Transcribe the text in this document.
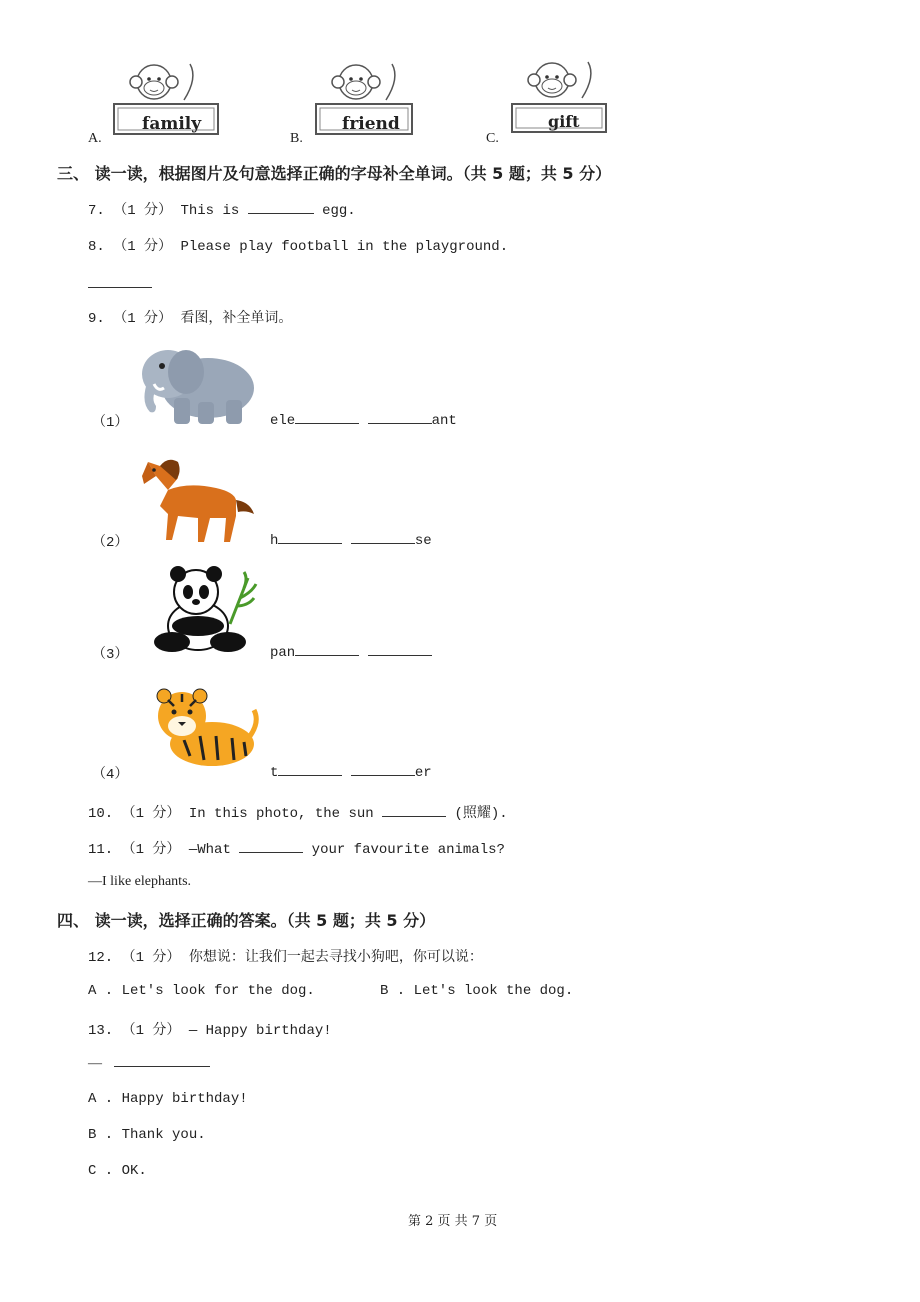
A.
family
B.
friend
C.
gift
三、 读一读，根据图片及句意选择正确的字母补全单词。（共 5 题；共 5 分）
7. （1 分） This is	egg.
8. （1 分） Please play football in the playground.
9. （1 分） 看图，补全单词。
（1）	ele	ant
（2）	h	se
（3）	pan
（4）	t	er
10. （1 分） In this photo, the sun	(照耀).
11. （1 分） —What	your favourite animals?
—I like elephants.
四、 读一读，选择正确的答案。（共 5 题；共 5 分）
12. （1 分） 你想说：让我们一起去寻找小狗吧，你可以说：
A . Let's look for the dog.	B . Let's look the dog.
13. （1 分） — Happy birthday!
—
A . Happy birthday!
B . Thank you.
C . OK.
第 2 页 共 7 页
